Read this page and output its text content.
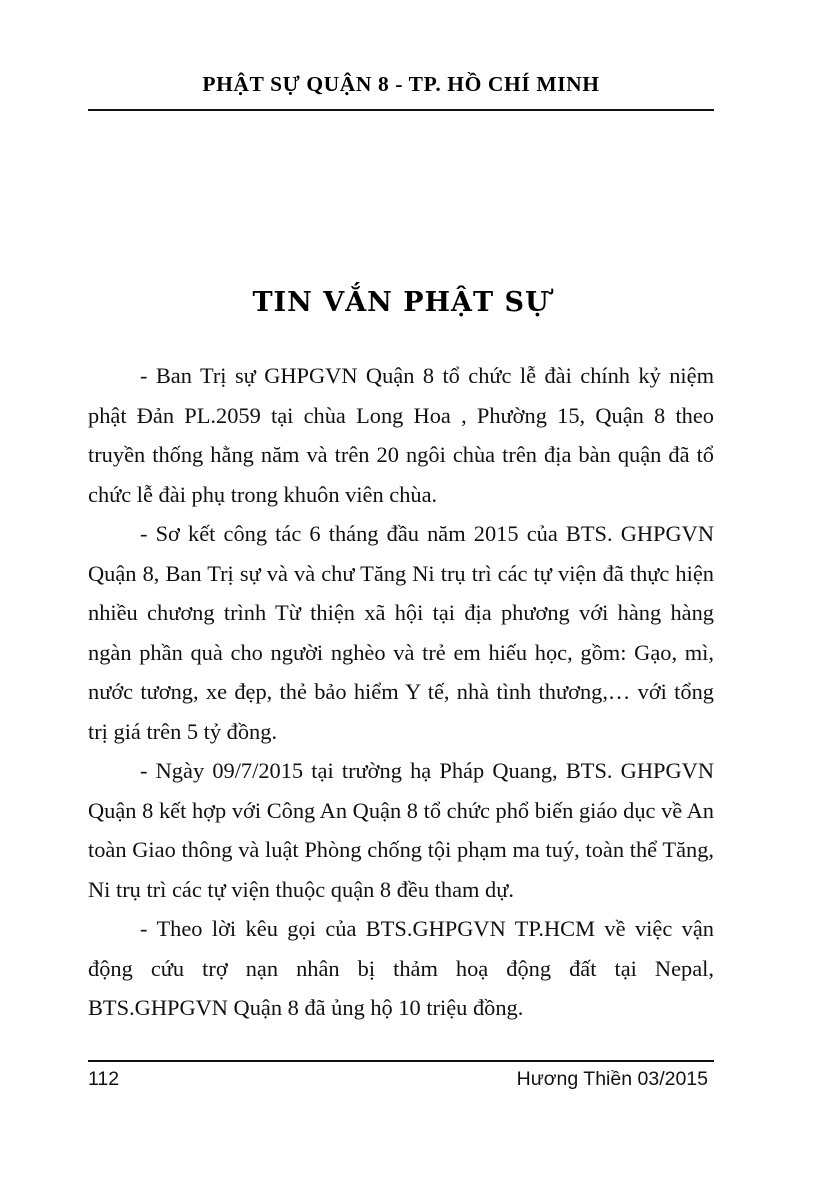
PHẬT SỰ QUẬN 8 - TP. HỒ CHÍ MINH
TIN VẮN PHẬT SỰ

- Ban Trị sự GHPGVN Quận 8 tổ chức lễ đài chính kỷ niệm phật Đản PL.2059 tại chùa Long Hoa , Phường 15, Quận 8 theo truyền thống hằng năm và trên 20 ngôi chùa trên địa bàn quận đã tổ chức lễ đài phụ trong khuôn viên chùa.

- Sơ kết công tác 6 tháng đầu năm 2015 của BTS. GHPGVN Quận 8, Ban Trị sự và và chư Tăng Ni trụ trì các tự viện đã thực hiện nhiều chương trình Từ thiện xã hội tại địa phương với hàng hàng ngàn phần quà cho người nghèo và trẻ em hiếu học, gồm: Gạo, mì, nước tương, xe đẹp, thẻ bảo hiểm Y tế, nhà tình thương,… với tổng trị giá trên 5 tỷ đồng.

- Ngày 09/7/2015 tại trường hạ Pháp Quang, BTS. GHPGVN Quận 8 kết hợp với Công An Quận 8 tổ chức phổ biến giáo dục về An toàn Giao thông và luật Phòng chống tội phạm ma tuý, toàn thể Tăng, Ni trụ trì các tự viện thuộc quận 8 đều tham dự.

- Theo lời kêu gọi của BTS.GHPGVN TP.HCM về việc vận động cứu trợ nạn nhân bị thảm hoạ động đất tại Nepal, BTS.GHPGVN Quận 8 đã ủng hộ 10 triệu đồng.

112	Hương Thiền 03/2015
